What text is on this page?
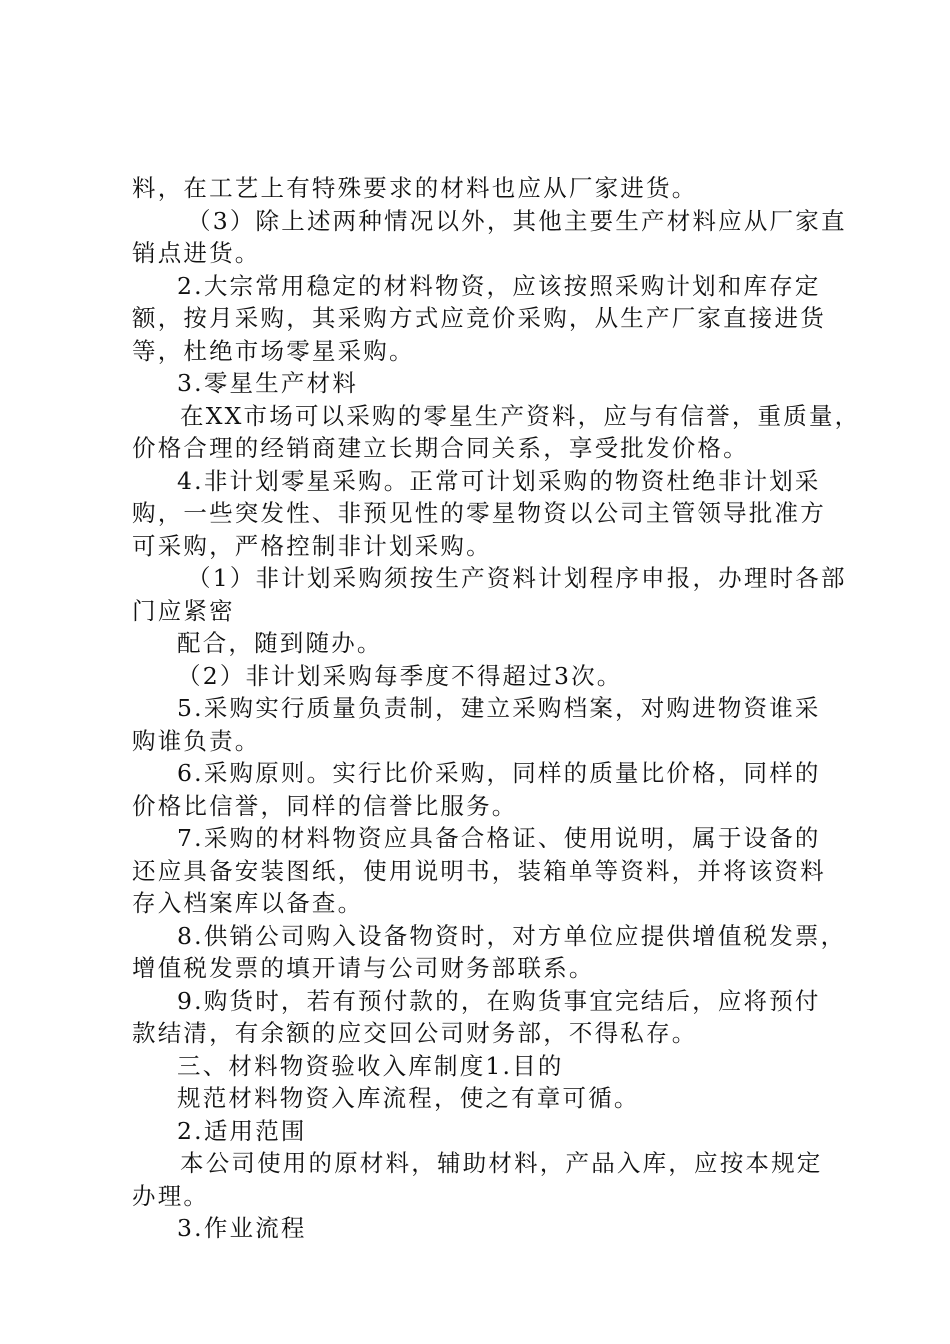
料，在工艺上有特殊要求的材料也应从厂家进货。
（3）除上述两种情况以外，其他主要生产材料应从厂家直
销点进货。
2.大宗常用稳定的材料物资，应该按照采购计划和库存定
额，按月采购，其采购方式应竞价采购，从生产厂家直接进货
等，杜绝市场零星采购。
3.零星生产材料
在XX市场可以采购的零星生产资料，应与有信誉，重质量，
价格合理的经销商建立长期合同关系，享受批发价格。
4.非计划零星采购。正常可计划采购的物资杜绝非计划采
购，一些突发性、非预见性的零星物资以公司主管领导批准方
可采购，严格控制非计划采购。
（1）非计划采购须按生产资料计划程序申报，办理时各部
门应紧密
配合，随到随办。
（2）非计划采购每季度不得超过3次。
5.采购实行质量负责制，建立采购档案，对购进物资谁采
购谁负责。
6.采购原则。实行比价采购，同样的质量比价格，同样的
价格比信誉，同样的信誉比服务。
7.采购的材料物资应具备合格证、使用说明，属于设备的
还应具备安装图纸，使用说明书，装箱单等资料，并将该资料
存入档案库以备查。
8.供销公司购入设备物资时，对方单位应提供增值税发票，
增值税发票的填开请与公司财务部联系。
9.购货时，若有预付款的，在购货事宜完结后，应将预付
款结清，有余额的应交回公司财务部，不得私存。
三、材料物资验收入库制度1.目的
规范材料物资入库流程，使之有章可循。
2.适用范围
本公司使用的原材料，辅助材料，产品入库，应按本规定
办理。
3.作业流程
